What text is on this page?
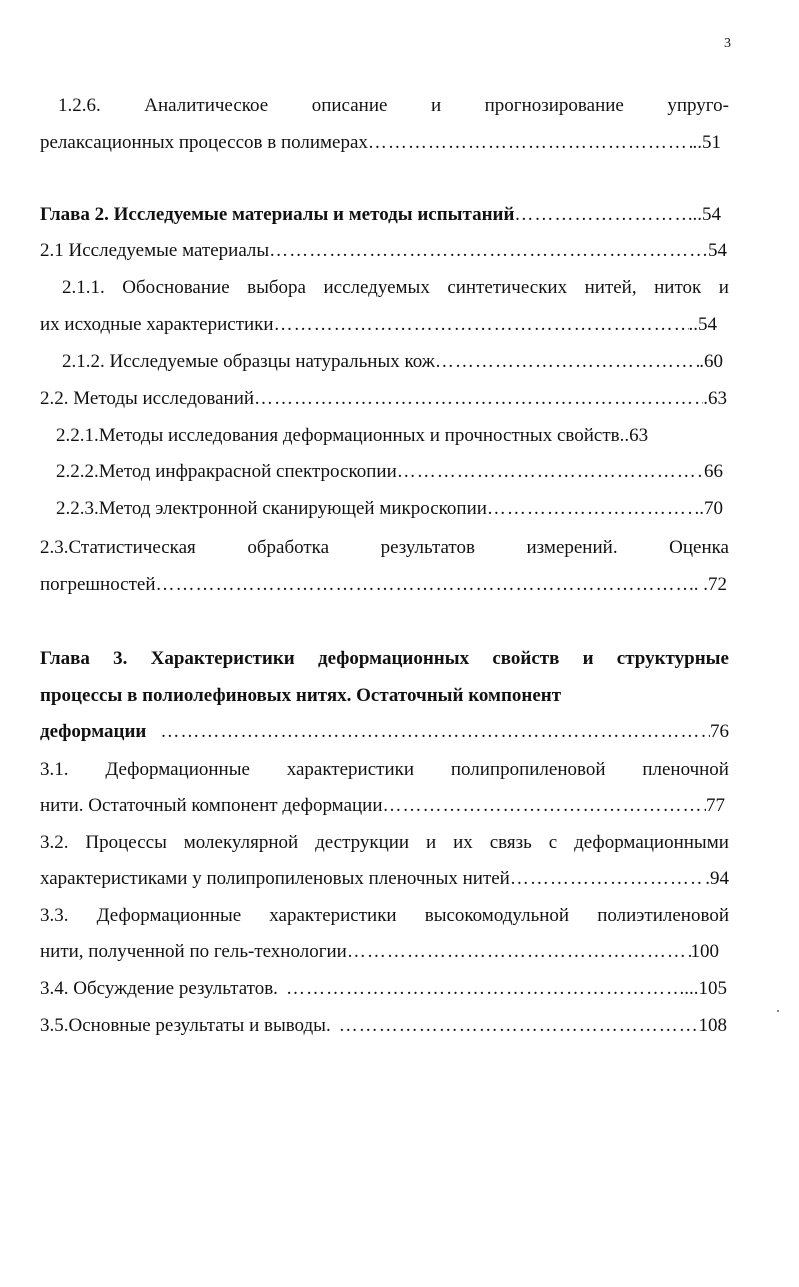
3
1.2.6. Аналитическое описание и прогнозирование упруго-
релаксационных процессов в полимерах …………………………………………………………………………………………………………………………	..51
Глава 2. Исследуемые материалы и методы испытаний …………………………………………………………………………………………………………………………	..54
2.1 Исследуемые материалы …………………………………………………………………………………………………………………………	54
2.1.1. Обоснование выбора исследуемых синтетических нитей, ниток и
их исходные характеристики …………………………………………………………………………………………………………………………	..54
2.1.2. Исследуемые образцы натуральных кож …………………………………………………………………………………………………………………………	.60
2.2. Методы исследований …………………………………………………………………………………………………………………………	.63
2.2.1.Методы исследования деформационных и прочностных свойств ..63
2.2.2.Метод инфракрасной спектроскопии …………………………………………………………………………………………………………………………	66
2.2.3.Метод электронной сканирующей микроскопии …………………………………………………………………………………………………………………………	..70
2.3.Статистическая	обработка	результатов	измерений.	Оценка
погрешностей …………………………………………………………………………………………………………………………	. .72
Глава 3. Характеристики деформационных свойств и структурные
процессы в полиолефиновых нитях. Остаточный компонент
деформации …………………………………………………………………………………………………………………………	76
3.1. Деформационные характеристики полипропиленовой пленочной
нити. Остаточный компонент деформации …………………………………………………………………………………………………………………………	77
3.2. Процессы молекулярной деструкции и их связь с деформационными
характеристиками у полипропиленовых пленочных нитей …………………………………………………………………………………………………………………………	.94
3.3. Деформационные характеристики высокомодульной полиэтиленовой
нити, полученной по гель-технологии …………………………………………………………………………………………………………………………	100
3.4. Обсуждение результатов. …………………………………………………………………………………………………………………………	...105
3.5.Основные результаты и выводы. …………………………………………………………………………………………………………………………	108
